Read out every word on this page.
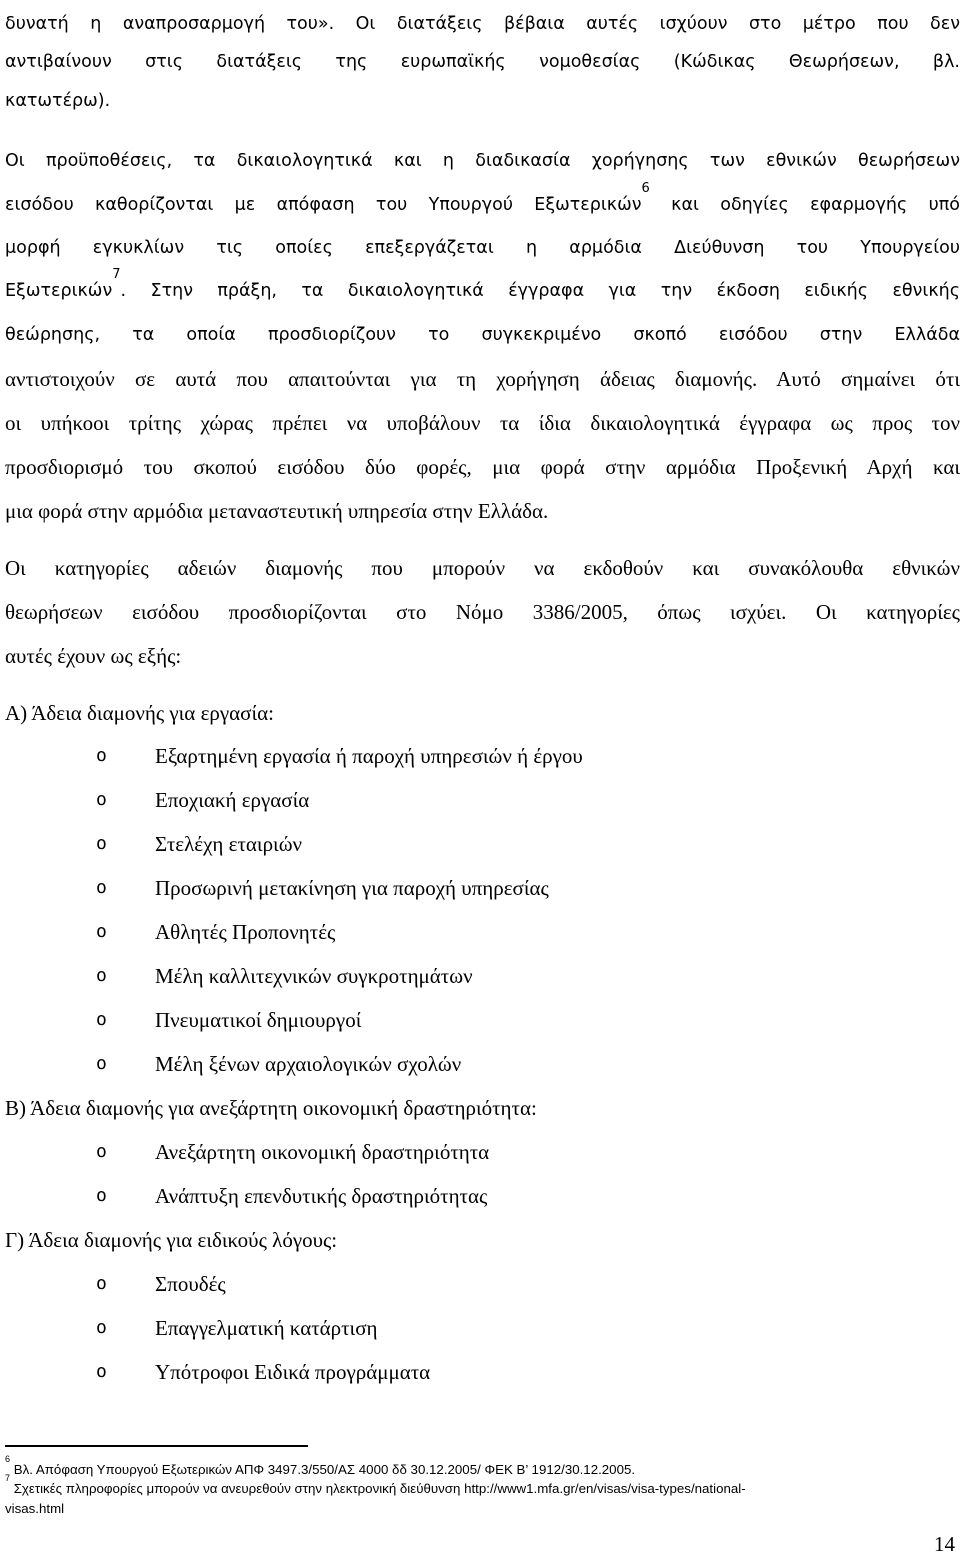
δυνατή η αναπροσαρμογή του». Οι διατάξεις βέβαια αυτές ισχύουν στο μέτρο που δεν
αντιβαίνουν στις διατάξεις της ευρωπαϊκής νομοθεσίας (Κώδικας Θεωρήσεων, βλ.
κατωτέρω).
Οι προϋποθέσεις, τα δικαιολογητικά και η διαδικασία χορήγησης των εθνικών θεωρήσεων
εισόδου καθορίζονται με απόφαση του Υπουργού Εξωτερικών$^6$ και οδηγίες εφαρμογής υπό
μορφή εγκυκλίων τις οποίες επεξεργάζεται η αρμόδια Διεύθυνση του Υπουργείου
Εξωτερικών$^7$. Στην πράξη, τα δικαιολογητικά έγγραφα για την έκδοση ειδικής εθνικής
θεώρησης, τα οποία προσδιορίζουν το συγκεκριμένο σκοπό εισόδου στην Ελλάδα
αντιστοιχούν σε αυτά που απαιτούνται για τη χορήγηση άδειας διαμονής. Αυτό σημαίνει ότι
οι υπήκοοι τρίτης χώρας πρέπει να υποβάλουν τα ίδια δικαιολογητικά έγγραφα ως προς τον
προσδιορισμό του σκοπού εισόδου δύο φορές, μια φορά στην αρμόδια Προξενική Αρχή και
μια φορά στην αρμόδια μεταναστευτική υπηρεσία στην Ελλάδα.
Οι κατηγορίες αδειών διαμονής που μπορούν να εκδοθούν και συνακόλουθα εθνικών
θεωρήσεων εισόδου προσδιορίζονται στο Νόμο 3386/2005, όπως ισχύει. Οι κατηγορίες
αυτές έχουν ως εξής:
Α) Άδεια διαμονής για εργασία:
o Εξαρτημένη εργασία ή παροχή υπηρεσιών ή έργου
o Εποχιακή εργασία
o Στελέχη εταιριών
o Προσωρινή μετακίνηση για παροχή υπηρεσίας
o Αθλητές Προπονητές
o Μέλη καλλιτεχνικών συγκροτημάτων
o Πνευματικοί δημιουργοί
o Μέλη ξένων αρχαιολογικών σχολών
Β) Άδεια διαμονής για ανεξάρτητη οικονομική δραστηριότητα:
o Ανεξάρτητη οικονομική δραστηριότητα
o Ανάπτυξη επενδυτικής δραστηριότητας
Γ) Άδεια διαμονής για ειδικούς λόγους:
o Σπουδές
o Επαγγελματική κατάρτιση
o Υπότροφοι Ειδικά προγράμματα
$^6$ Βλ. Απόφαση Υπουργού Εξωτερικών ΑΠΦ 3497.3/550/ΑΣ 4000 δδ 30.12.2005/ ΦΕΚ Β’ 1912/30.12.2005.
$^7$ Σχετικές πληροφορίες μπορούν να ανευρεθούν στην ηλεκτρονική διεύθυνση http://www1.mfa.gr/en/visas/visa-types/national-
visas.html
14
